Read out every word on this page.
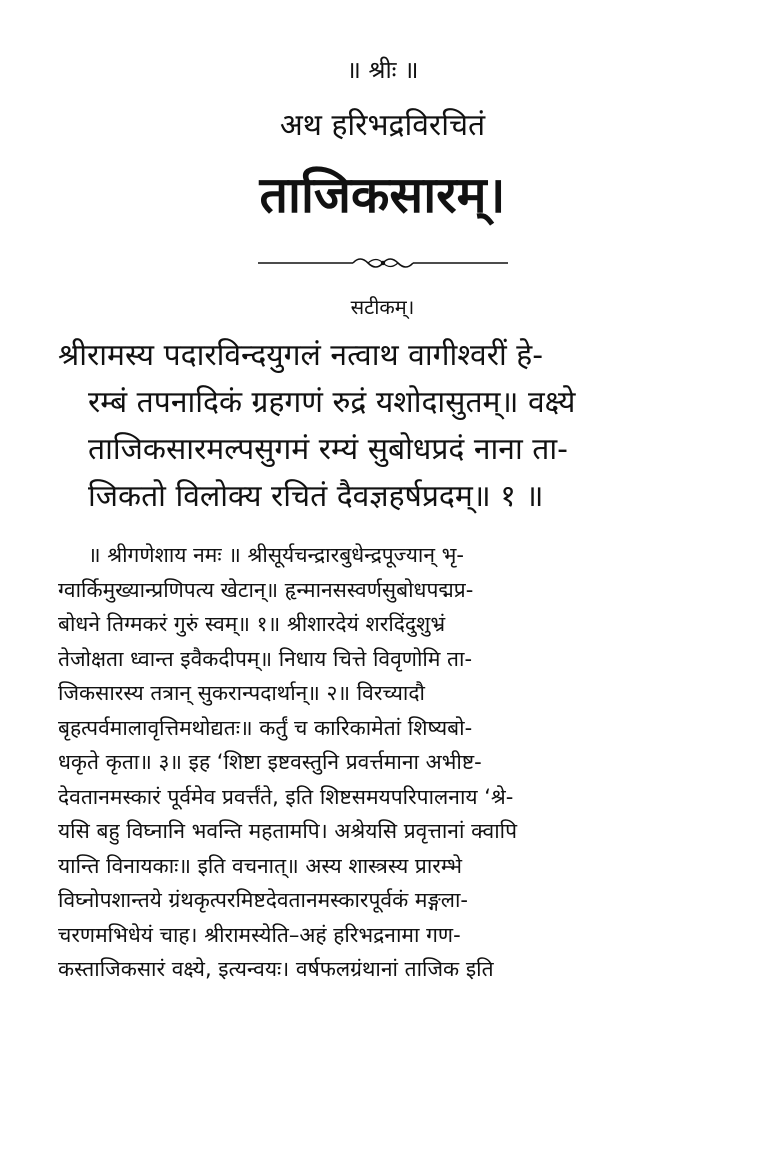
॥ श्रीः ॥
अथ हरिभद्रविरचितं
ताजिकसारम्।
सटीकम्।
श्रीरामस्य पदारविन्दयुगलं नत्वाथ वागीश्वरीं हे-
रम्बं तपनादिकं ग्रहगणं रुद्रं यशोदासुतम्॥ वक्ष्ये
ताजिकसारमल्पसुगमं रम्यं सुबोधप्रदं नाना ता-
जिकतो विलोक्य रचितं दैवज्ञहर्षप्रदम्॥ १ ॥
॥ श्रीगणेशाय नमः ॥ श्रीसूर्यचन्द्रारबुधेन्द्रपूज्यान् भृ-
ग्वार्किमुख्यान्प्रणिपत्य खेटान्॥ हृन्मानसस्वर्णसुबोधपद्मप्र-
बोधने तिग्मकरं गुरुं स्वम्॥ १॥ श्रीशारदेयं शरदिंदुशुभ्रं
तेजोक्षता ध्वान्त इवैकदीपम्॥ निधाय चित्ते विवृणोमि ता-
जिकसारस्य तत्रान् सुकरान्पदार्थान्॥ २॥ विरच्यादौ
बृहत्पर्वमालावृत्तिमथोद्यतः॥ कर्तुं च कारिकामेतां शिष्यबो-
धकृते कृता॥ ३॥ इह ‘शिष्टा इष्टवस्तुनि प्रवर्त्तमाना अभीष्ट-
देवतानमस्कारं पूर्वमेव प्रवर्त्तंते, इति शिष्टसमयपरिपालनाय ‘श्रे-
यसि बहु विघ्नानि भवन्ति महतामपि। अश्रेयसि प्रवृत्तानां क्वापि
यान्ति विनायकाः॥ इति वचनात्॥ अस्य शास्त्रस्य प्रारम्भे
विघ्नोपशान्तये ग्रंथकृत्परमिष्टदेवतानमस्कारपूर्वकं मङ्गला-
चरणमभिधेयं चाह। श्रीरामस्येति–अहं हरिभद्रनामा गण-
कस्ताजिकसारं वक्ष्ये, इत्यन्वयः। वर्षफलग्रंथानां ताजिक इति
